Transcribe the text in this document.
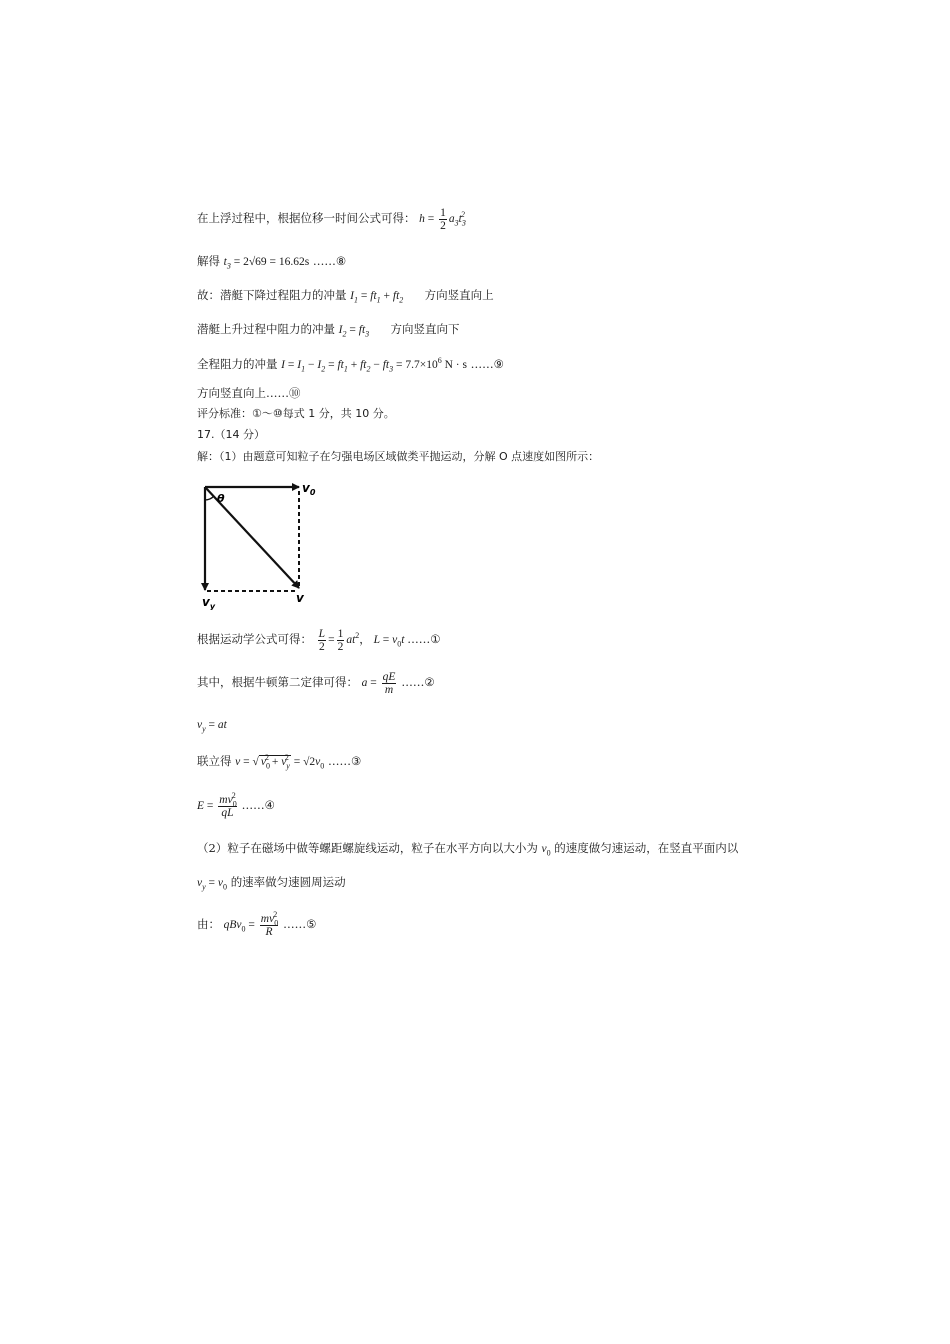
在上浮过程中，根据位移一时间公式可得： $h = \frac{1}{2} a_3t_3^2$
解得 $t_3 = 2√69 = 16.62s$ ……⑧
故：潜艇下降过程阻力的冲量 $I_1 = ft_1 + ft_2$ 方向竖直向上
潜艇上升过程中阻力的冲量 $I_2 = ft_3$ 方向竖直向下
全程阻力的冲量 $I = I_1 - I_2 = ft_1 + ft_2 - ft_3 = 7.7\times 10^6$ N · s ……⑨
方向竖直向上……⑩
评分标准：①～⑩每式 1 分，共 10 分。
17.（14 分）
解：（1）由题意可知粒子在匀强电场区域做类平抛运动，分解 O 点速度如图所示：
θ
$v_0$
$v_y$
v
根据运动学公式可得： $\frac{L}{2} = \frac{1}{2} at^2$， $L = v_0t$ ……①
其中，根据牛顿第二定律可得： $a = \frac{qE}{m}$ ……②
$v_y$ = at
联立得 v = √ $v_0^2 + v_y^2 = √2v_0$ ……③
$E = \frac{mv_0^2}{qL}$ ……④
（2）粒子在磁场中做等螺距螺旋线运动，粒子在水平方向以大小为 $v_0$ 的速度做匀速运动，在竖直平面内以
$v_y = v_0$ 的速率做匀速圆周运动
由： $qBv_0 = \frac{mv_0^2}{R}$ ……⑤
